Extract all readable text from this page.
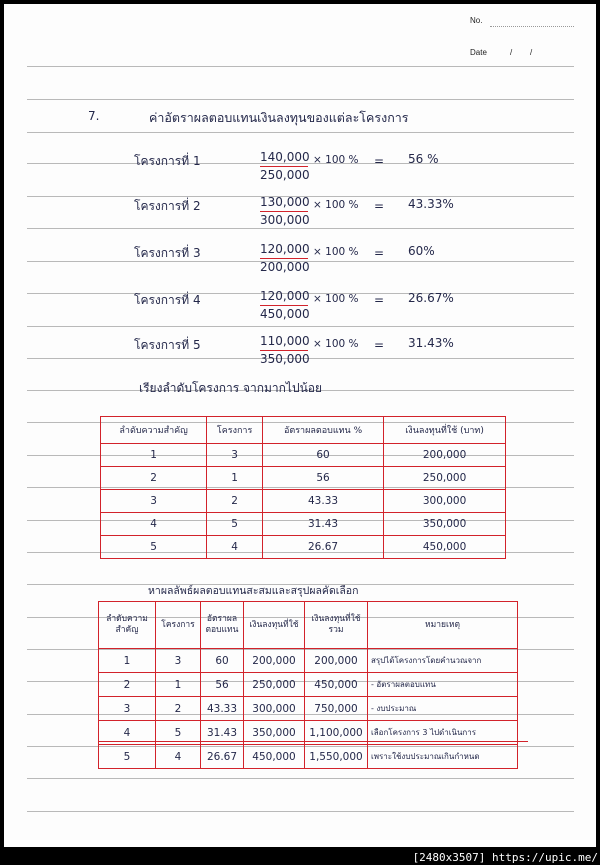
No.
Date	/        /
7.	ค่าอัตราผลตอบแทนเงินลงทุนของแต่ละโครงการ
โครงการที่ 1	140,000
250,000
× 100 % = 56 %
โครงการที่ 2	130,000
300,000
× 100 % = 43.33%
โครงการที่ 3	120,000
200,000
× 100 % = 60%
โครงการที่ 4	120,000
450,000
× 100 % = 26.67%
โครงการที่ 5	110,000
350,000
× 100 % = 31.43%
เรียงลำดับโครงการ จากมากไปน้อย
ลำดับความสำคัญ	โครงการ	อัตราผลตอบแทน %	เงินลงทุนที่ใช้ (บาท)
1	3	60	200,000
2	1	56	250,000
3	2	43.33	300,000
4	5	31.43	350,000
5	4	26.67	450,000
หาผลลัพธ์ผลตอบแทนสะสมและสรุปผลคัดเลือก
ลำดับความสำคัญ	โครงการ	อัตราผลตอบแทน	เงินลงทุนที่ใช้	เงินลงทุนที่ใช้รวม	หมายเหตุ
1	3	60	200,000	200,000	สรุปได้โครงการโดยคำนวณจาก
2	1	56	250,000	450,000	- อัตราผลตอบแทน
3	2	43.33	300,000	750,000	- งบประมาณ
4	5	31.43	350,000	1,100,000	เลือกโครงการ 3 ไปดำเนินการ
5	4	26.67	450,000	1,550,000	เพราะใช้งบประมาณเกินกำหนด
[2480x3507] https://upic.me/
